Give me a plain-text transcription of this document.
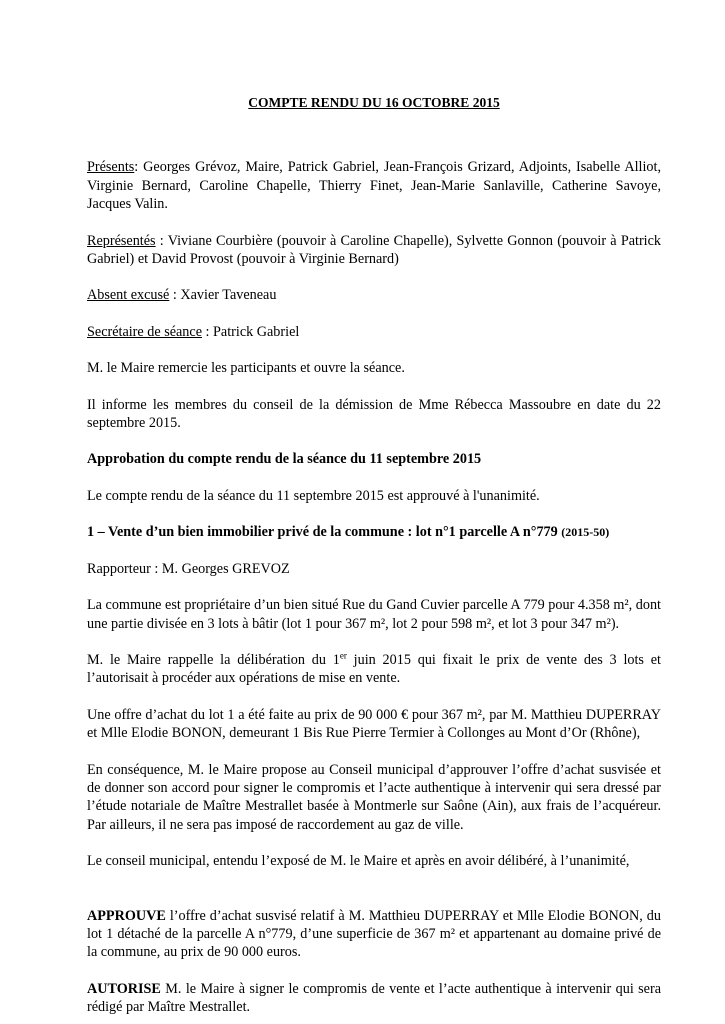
COMPTE RENDU DU 16 OCTOBRE 2015

Présents: Georges Grévoz, Maire, Patrick Gabriel, Jean-François Grizard, Adjoints, Isabelle Alliot, Virginie Bernard, Caroline Chapelle, Thierry Finet, Jean-Marie Sanlaville, Catherine Savoye, Jacques Valin.

Représentés : Viviane Courbière (pouvoir à Caroline Chapelle), Sylvette Gonnon (pouvoir à Patrick Gabriel) et David Provost (pouvoir à Virginie Bernard)

Absent excusé : Xavier Taveneau

Secrétaire de séance : Patrick Gabriel

M. le Maire remercie les participants et ouvre la séance.

Il informe les membres du conseil de la démission de Mme Rébecca Massoubre en date du 22 septembre 2015.

Approbation du compte rendu de la séance du 11 septembre 2015

Le compte rendu de la séance du 11 septembre 2015 est approuvé à l'unanimité.

1 – Vente d’un bien immobilier privé de la commune : lot n°1 parcelle A n°779 (2015-50)

Rapporteur : M. Georges GREVOZ

La commune est propriétaire d’un bien situé Rue du Gand Cuvier parcelle A 779 pour 4.358 m², dont une partie divisée en 3 lots à bâtir (lot 1 pour 367 m², lot 2 pour 598 m², et lot 3 pour 347 m²).

M. le Maire rappelle la délibération du 1er juin 2015 qui fixait le prix de vente des 3 lots et l’autorisait à procéder aux opérations de mise en vente.

Une offre d’achat du lot 1 a été faite au prix de 90 000 € pour 367 m², par M. Matthieu DUPERRAY et Mlle Elodie BONON, demeurant 1 Bis Rue Pierre Termier à Collonges au Mont d’Or (Rhône),

En conséquence, M. le Maire propose au Conseil municipal d’approuver l’offre d’achat susvisée et de donner son accord pour signer le compromis et l’acte authentique à intervenir qui sera dressé par l’étude notariale de Maître Mestrallet basée à Montmerle sur Saône (Ain), aux frais de l’acquéreur. Par ailleurs, il ne sera pas imposé de raccordement au gaz de ville.

Le conseil municipal, entendu l’exposé de M. le Maire et après en avoir délibéré, à l’unanimité,

APPROUVE l’offre d’achat susvisé relatif à M. Matthieu DUPERRAY et Mlle Elodie BONON, du lot 1 détaché de la parcelle A n°779, d’une superficie de 367 m² et appartenant au domaine privé de la commune, au prix de 90 000 euros.

AUTORISE M. le Maire à signer le compromis de vente et l’acte authentique à intervenir qui sera rédigé par Maître Mestrallet.
